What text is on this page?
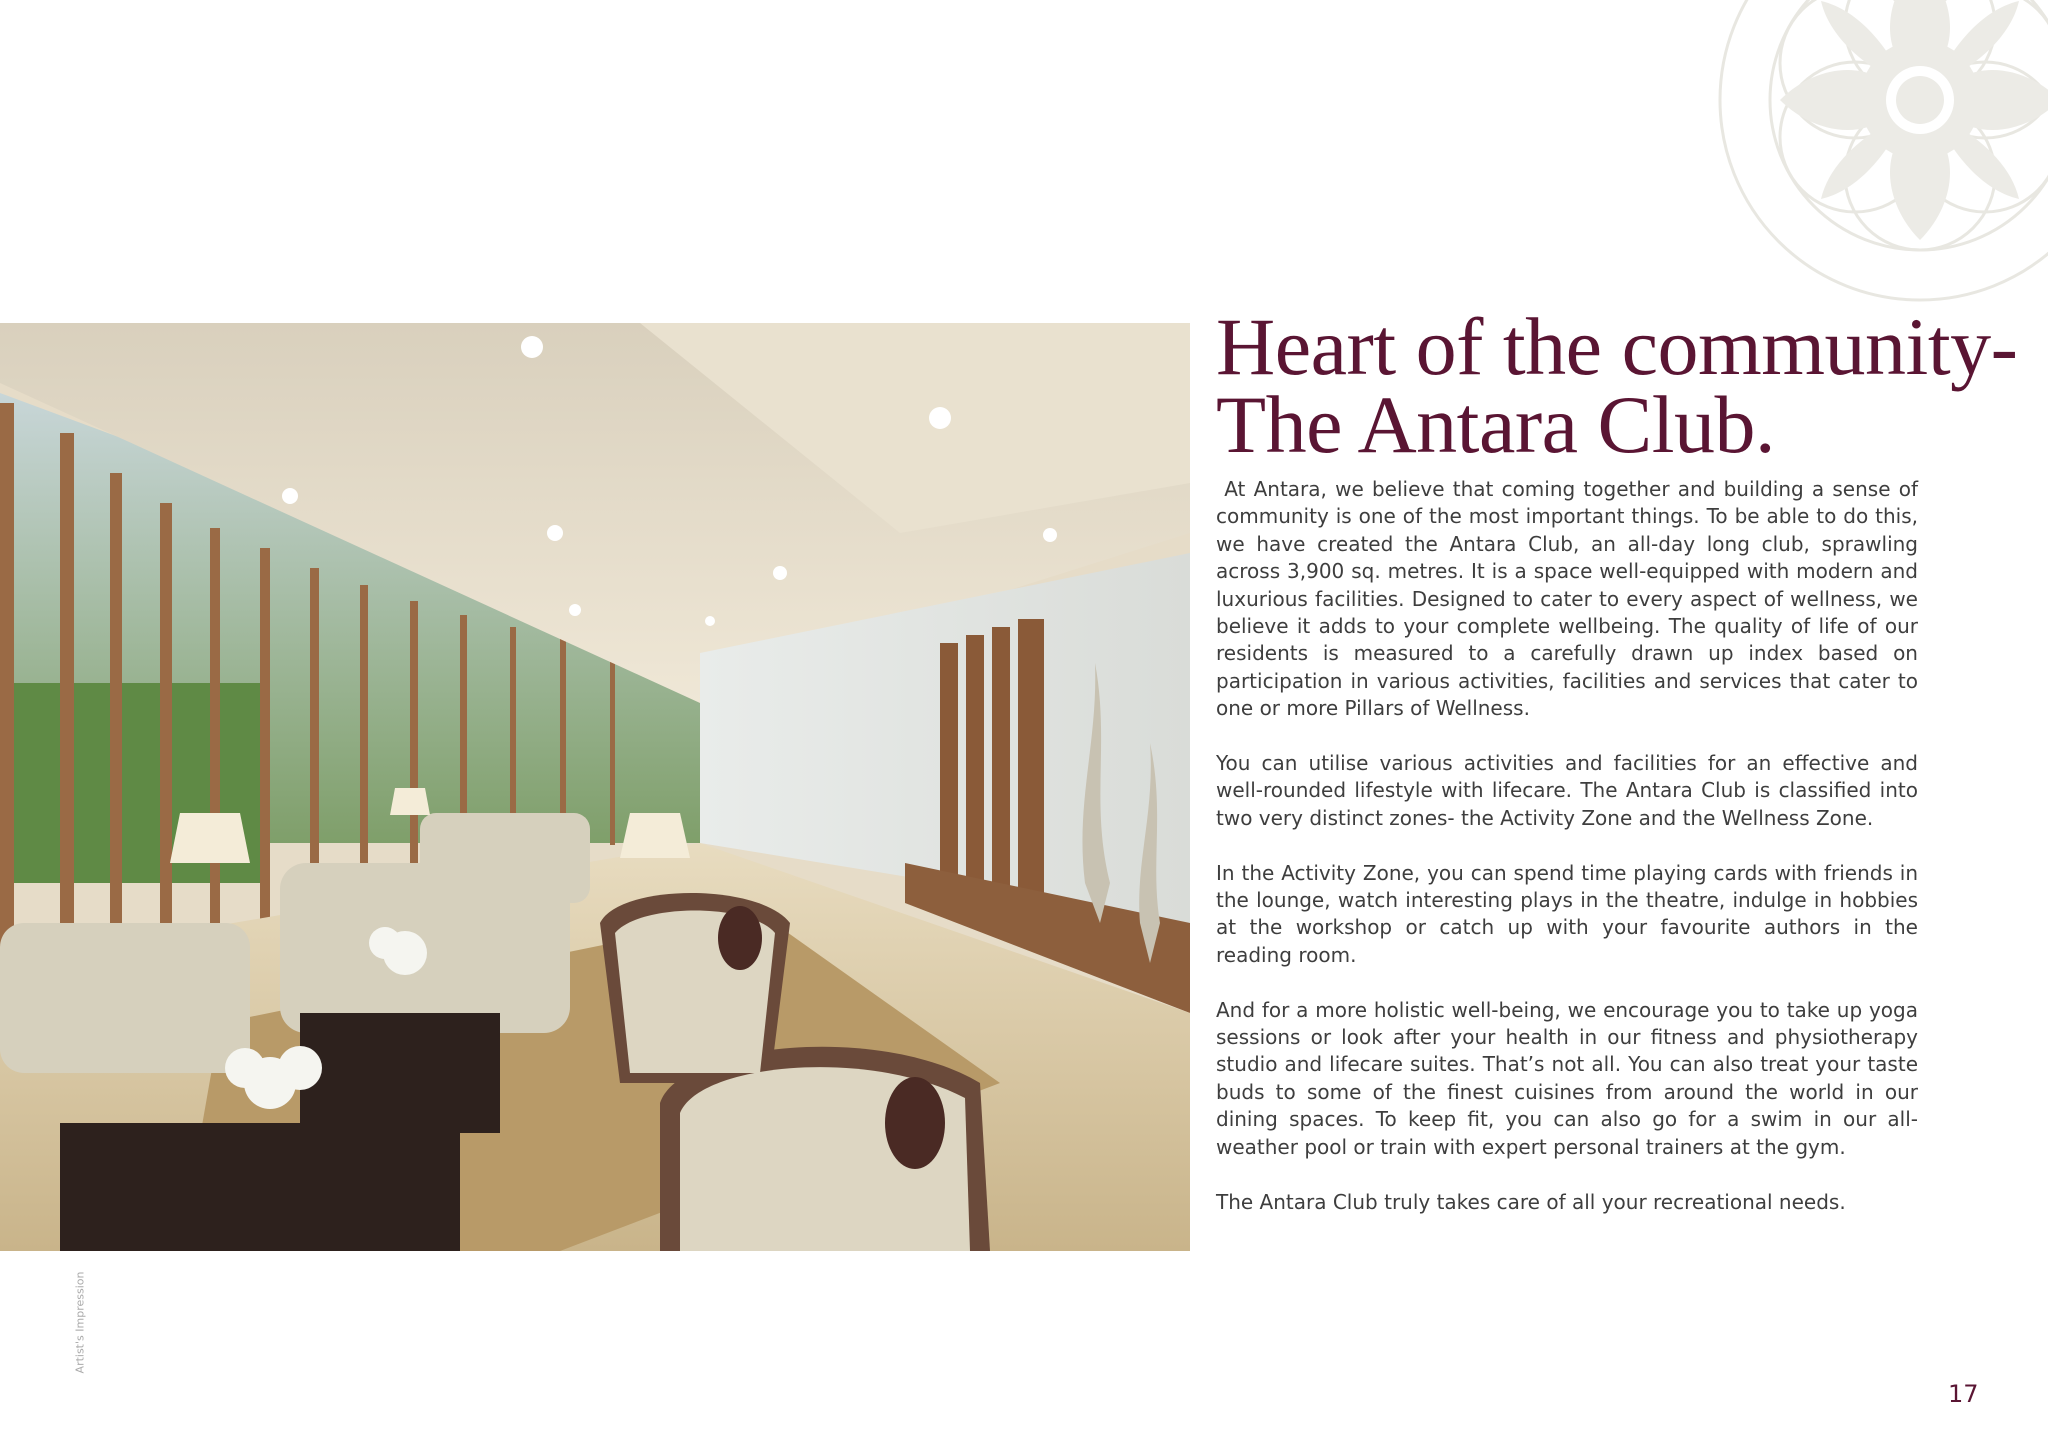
Artist's Impression
Heart of the community-
The Antara Club.

At Antara, we believe that coming together and building a sense of community is one of the most important things. To be able to do this, we have created the Antara Club, an all-day long club, sprawling across 3,900 sq. metres. It is a space well-equipped with modern and luxurious facilities. Designed to cater to every aspect of wellness, we believe it adds to your complete wellbeing. The quality of life of our residents is measured to a carefully drawn up index based on participation in various activities, facilities and services that cater to one or more Pillars of Wellness.

You can utilise various activities and facilities for an effective and well-rounded lifestyle with lifecare. The Antara Club is classified into two very distinct zones- the Activity Zone and the Wellness Zone.

In the Activity Zone, you can spend time playing cards with friends in the lounge, watch interesting plays in the theatre, indulge in hobbies at the workshop or catch up with your favourite authors in the reading room.

And for a more holistic well-being, we encourage you to take up yoga sessions or look after your health in our fitness and physiotherapy studio and lifecare suites. That’s not all. You can also treat your taste buds to some of the finest cuisines from around the world in our dining spaces. To keep fit, you can also go for a swim in our all-weather pool or train with expert personal trainers at the gym.

The Antara Club truly takes care of all your recreational needs.

17
